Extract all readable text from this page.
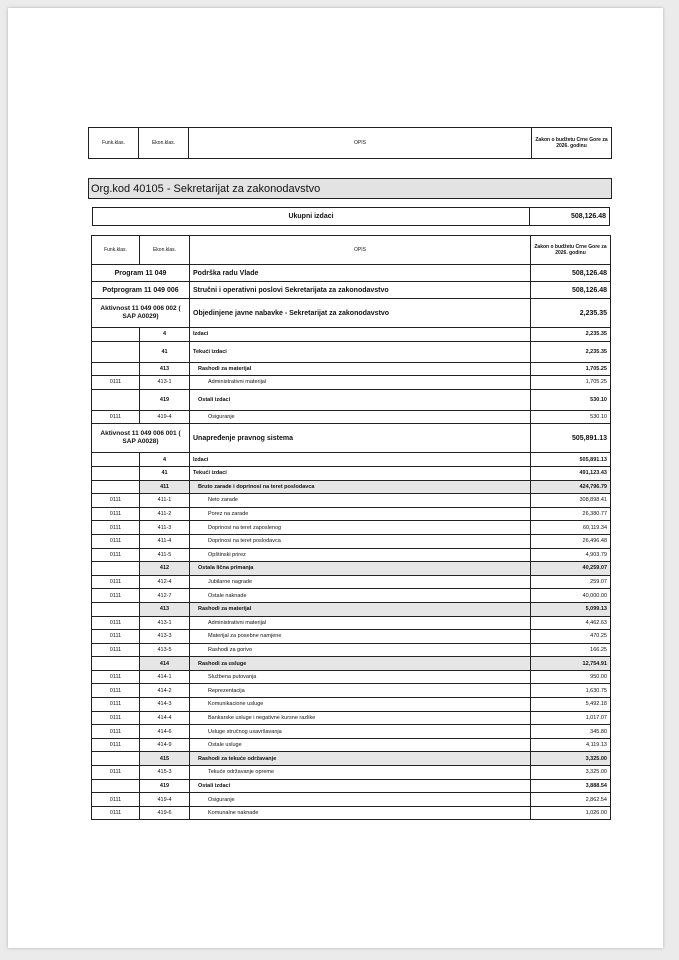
Funk.klas.	Ekon.klas.	OPIS	Zakon o budžetu Crne Gore za 2026. godinu
Org.kod 40105 - Sekretarijat za zakonodavstvo
Ukupni izdaci	508,126.48
Funk.klas.	Ekon.klas.	OPIS	Zakon o budžetu Crne Gore za 2026. godinu
Program 11 049		Podrška radu Vlade	508,126.48
Potprogram 11 049 006		Stručni i operativni poslovi Sekretarijata za zakonodavstvo	508,126.48
Aktivnost 11 049 006 002 ( SAP A0029)		Objedinjene javne nabavke - Sekretarijat za zakonodavstvo	2,235.35
	4	Izdaci	2,235.35
	41	Tekući izdaci	2,235.35
	413	Rashodi za materijal	1,705.25
0111	413-1	Administrativni materijal	1,705.25
	419	Ostali izdaci	530.10
0111	419-4	Osiguranje	530.10
Aktivnost 11 049 006 001 ( SAP A0028)		Unapređenje pravnog sistema	505,891.13
	4	Izdaci	505,891.13
	41	Tekući izdaci	491,123.43
	411	Bruto zarade i doprinosi na teret poslodavca	424,796.79
0111	411-1	Neto zarade	308,898.41
0111	411-2	Porez na zarade	26,380.77
0111	411-3	Doprinosi na teret zaposlenog	60,119.34
0111	411-4	Doprinosi na teret poslodavca	26,496.48
0111	411-5	Opštinski prirez	4,903.79
	412	Ostala lična primanja	40,259.07
0111	412-4	Jubilarne nagrade	259.07
0111	412-7	Ostale naknade	40,000.00
	413	Rashodi za materijal	5,099.13
0111	413-1	Administrativni materijal	4,462.63
0111	413-3	Materijal za posebne namjene	470.25
0111	413-5	Rashodi za gorivo	166.25
	414	Rashodi za usluge	12,754.91
0111	414-1	Službena putovanja	950.00
0111	414-2	Reprezentacija	1,630.75
0111	414-3	Komunikacione usluge	5,492.18
0111	414-4	Bankarske usluge i negativne kursne razlike	1,017.07
0111	414-6	Usluge stručnog usavršavanja	345.80
0111	414-9	Ostale usluge	4,119.13
	415	Rashodi za tekuće održavanje	3,325.00
0111	415-3	Tekuće održavanje opreme	3,325.00
	419	Ostali izdaci	3,888.54
0111	419-4	Osiguranje	2,862.54
0111	419-6	Komunalne naknade	1,026.00
